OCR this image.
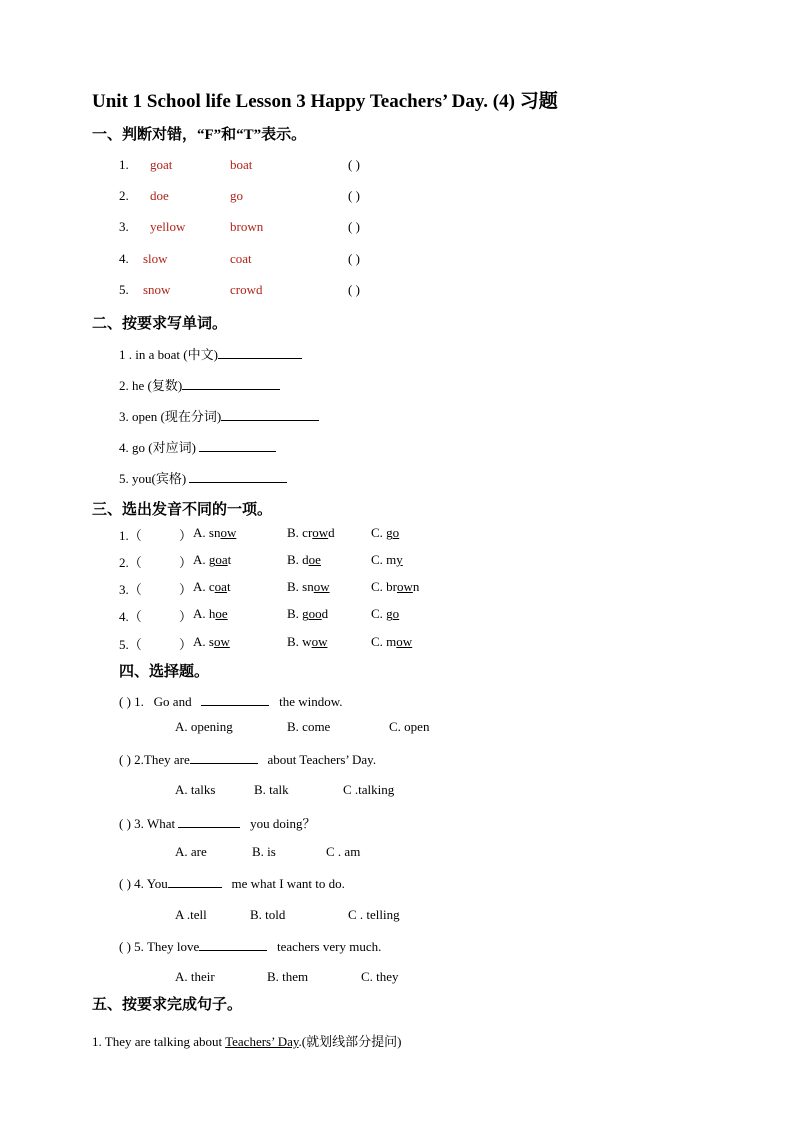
Unit 1 School life Lesson 3 Happy Teachers’ Day. (4) 习题
一、判断对错，“F”和“T”表示。
1. goat	boat	( )
2. doe	go	( )
3. yellow	brown	( )
4. slow	coat	( )
5. snow	crowd	( )
二、按要求写单词。
1 . in a boat (中文)
2. he (复数)
3. open (现在分词)
4. go (对应词)
5. you(宾格)
三、选出发音不同的一项。
1.（	） A. snow	B. crowd	C. go
2.（	） A. goat	B. doe	C. my
3.（	） A. coat	B. snow	C. brown
4.（	） A. hoe	B. good	C. go
5.（	） A. sow	B. wow	C. mow
四、选择题。
( ) 1. Go and	the window.
A. opening	B. come	C. open
( ) 2.They are	about Teachers’ Day.
A. talks	B. talk	C .talking
( ) 3. What	you doing？
A. are	B. is	C . am
( ) 4. You	me what I want to do.
A .tell	B. told	C . telling
( ) 5. They love	teachers very much.
A. their	B. them	C. they
五、按要求完成句子。
1. They are talking about Teachers’ Day.(就划线部分提问)
